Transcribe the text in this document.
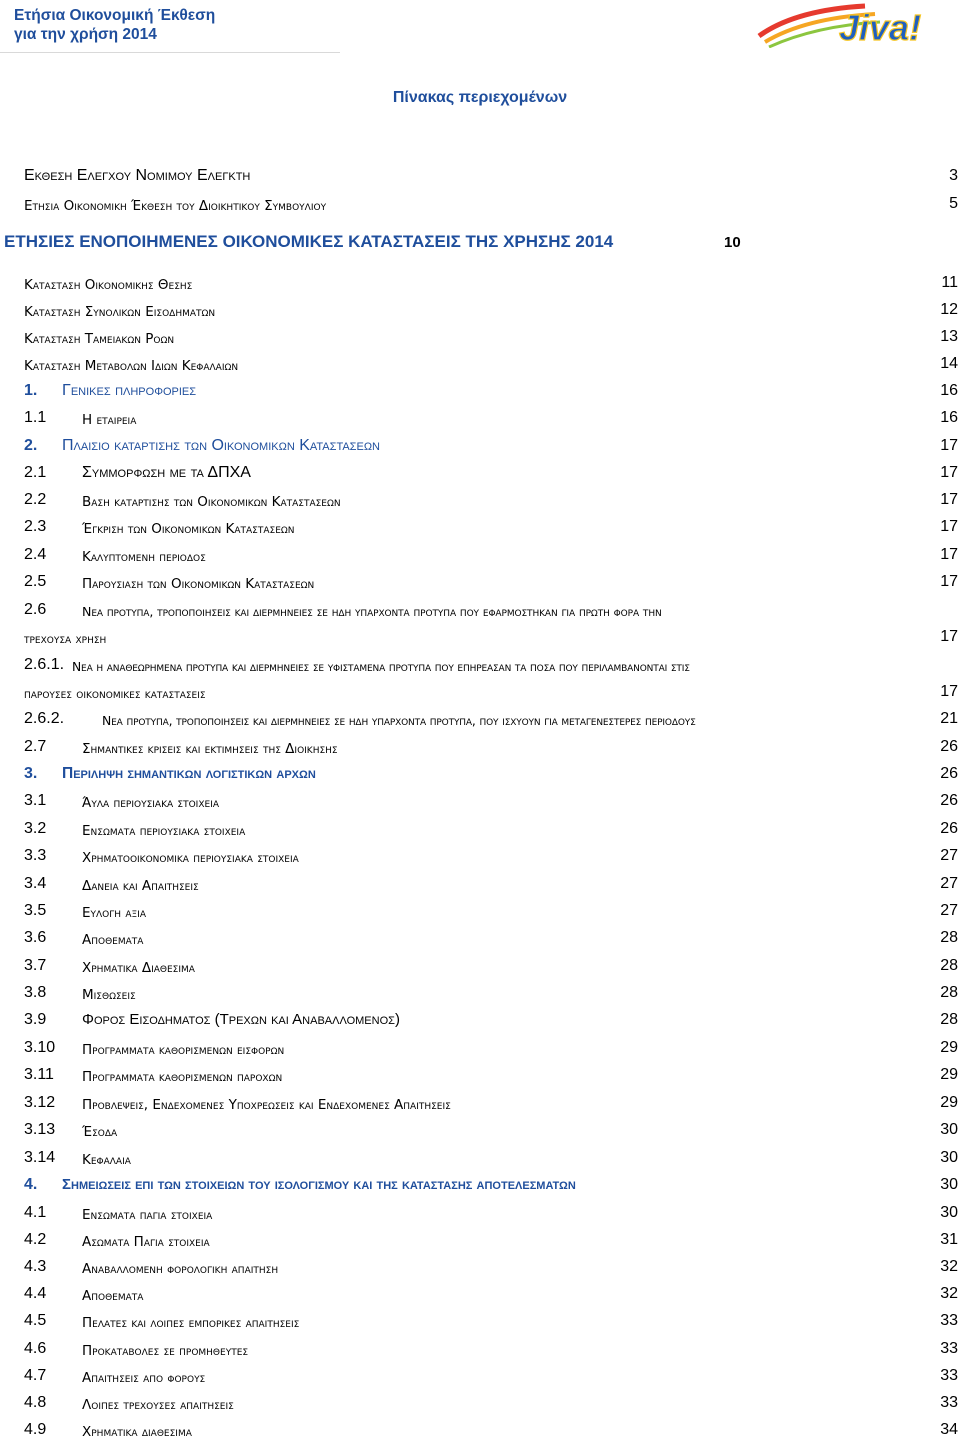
Ετήσια Οικονομική Έκθεση
για την χρήση 2014	Jiva!
Πίνακας περιεχομένων
Εκθεση Ελεγχου Νομιμου Ελεγκτη	3
Ετησια Οικονομικη Έκθεση του Διοικητικου Συμβουλιου	5
ΕΤΗΣΙΕΣ ΕΝΟΠΟΙΗΜΕΝΕΣ ΟΙΚΟΝΟΜΙΚΕΣ ΚΑΤΑΣΤΑΣΕΙΣ ΤΗΣ ΧΡΗΣΗΣ 2014	10
Κατασταση Οικονομικης Θεσης	11
Κατασταση Συνολικων Εισοδηματων	12
Κατασταση Ταμειακων Ροων	13
Κατασταση Μεταβολων Ιδιων Κεφαλαιων	14
1. Γενικες πληροφοριες	16
1.1	Η εταιρεια	16
2. Πλαισιο καταρτισης των Οικονομικων Καταστασεων	17
2.1 Συμμορφωση με τα ΔΠΧΑ	17
2.2	Βαση καταρτισης των Οικονομικων Καταστασεων	17
2.3	Έγκριση των Οικονομικων Καταστασεων	17
2.4	Καλυπτομενη περιοδος	17
2.5	Παρουσιαση των Οικονομικων Καταστασεων	17
2.6	Νεα προτυπα, τροποποιησεις και διερμηνειες σε ηδη υπαρχοντα προτυπα που εφαρμοστηκαν για πρωτη φορα την
τρεχουσα χρηση	17
2.6.1. Νεα η αναθεωρημενα προτυπα και διερμηνειες σε υφισταμενα προτυπα που επηρεασαν τα ποσα που περιλαμβανονται στις
παρουσες οικονομικες καταστασεις	17
2.6.2.	Νεα προτυπα, τροποποιησεις και διερμηνειες σε ηδη υπαρχοντα προτυπα, που ισχυουν για μεταγενεστερες περιοδους	21
2.7	Σημαντικες κρισεις και εκτιμησεις της Διοικησης	26
3. Περιληψη σημαντικων λογιστικων αρχων	26
3.1	Άυλα περιουσιακα στοιχεια	26
3.2	Ενσωματα περιουσιακα στοιχεια	26
3.3	Χρηματοοικονομικα περιουσιακα στοιχεια	27
3.4	Δανεια και Απαιτησεις	27
3.5	Ευλογη αξια	27
3.6	Αποθεματα	28
3.7	Χρηματικα Διαθεσιμα	28
3.8	Μισθωσεις	28
3.9 Φορος Εισοδηματος (Τρεχων και Αναβαλλομενος)	28
3.10 Προγραμματα καθορισμενων εισφορων	29
3.11 Προγραμματα καθορισμενων παροχων	29
3.12 Προβλεψεις, Ενδεχομενες Υποχρεωσεις και Ενδεχομενες Απαιτησεις	29
3.13 Έσοδα	30
3.14 Κεφαλαια	30
4. Σημειωσεις επι των στοιχειων του ισολογισμου και της καταστασης αποτελεσματων	30
4.1	Ενσωματα παγια στοιχεια	30
4.2	Ασωματα Παγια στοιχεια	31
4.3	Αναβαλλομενη φορολογικη απαιτηση	32
4.4	Αποθεματα	32
4.5	Πελατες και λοιπες εμπορικες απαιτησεις	33
4.6	Προκαταβολες σε προμηθευτες	33
4.7	Απαιτησεις απο φορους	33
4.8	Λοιπες τρεχουσες απαιτησεις	33
4.9	Χρηματικα διαθεσιμα	34
